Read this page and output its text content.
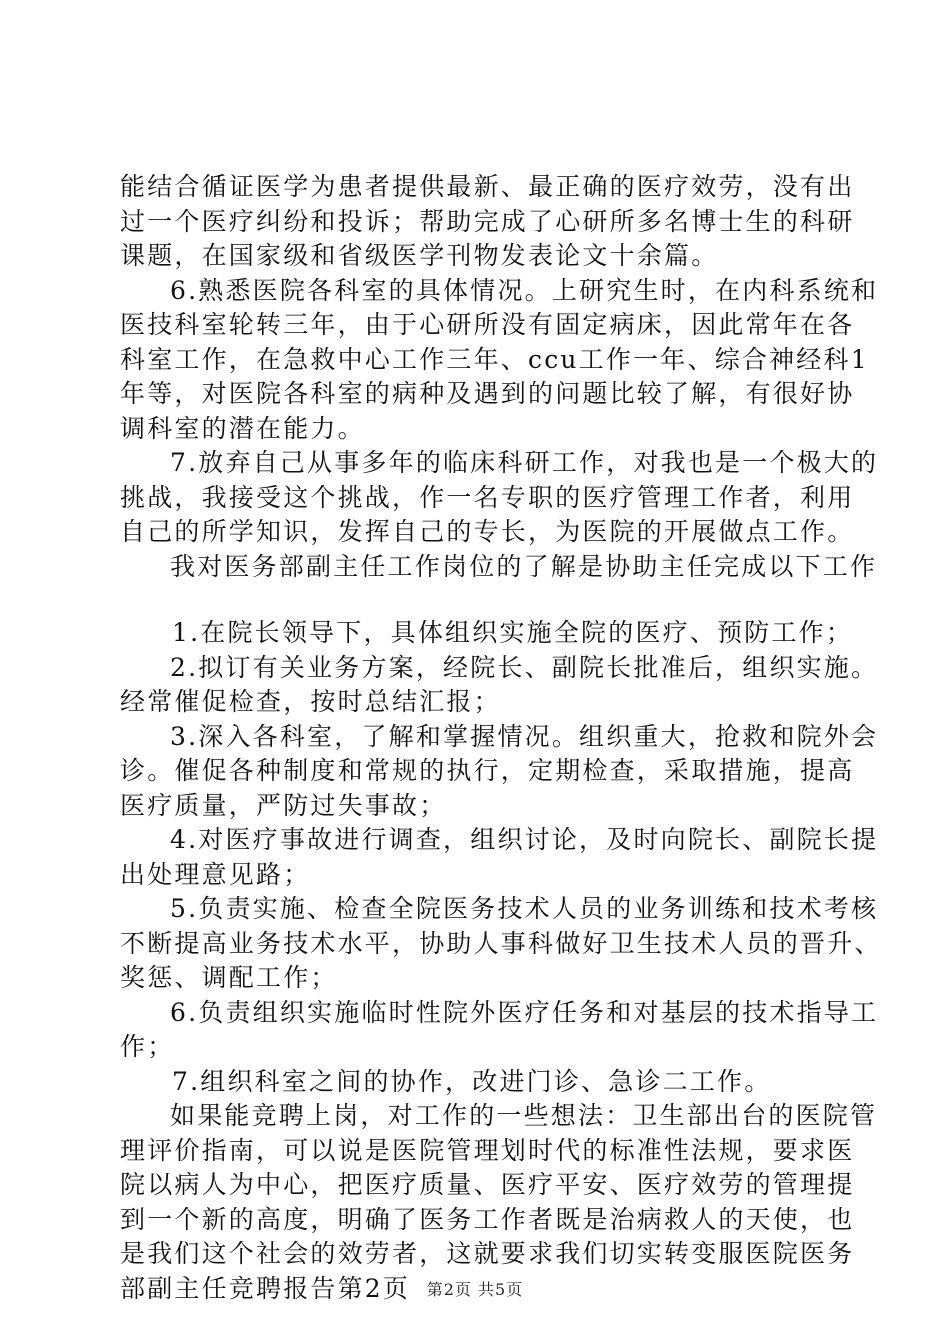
能结合循证医学为患者提供最新、最正确的医疗效劳，没有出

过一个医疗纠纷和投诉；帮助完成了心研所多名博士生的科研

课题，在国家级和省级医学刊物发表论文十余篇。

6.熟悉医院各科室的具体情况。上研究生时，在内科系统和

医技科室轮转三年，由于心研所没有固定病床，因此常年在各

科室工作，在急救中心工作三年、ccu工作一年、综合神经科1

年等，对医院各科室的病种及遇到的问题比较了解，有很好协

调科室的潜在能力。

7.放弃自己从事多年的临床科研工作，对我也是一个极大的

挑战，我接受这个挑战，作一名专职的医疗管理工作者，利用

自己的所学知识，发挥自己的专长，为医院的开展做点工作。

我对医务部副主任工作岗位的了解是协助主任完成以下工作

1.在院长领导下，具体组织实施全院的医疗、预防工作；

2.拟订有关业务方案，经院长、副院长批准后，组织实施。

经常催促检查，按时总结汇报；

3.深入各科室，了解和掌握情况。组织重大，抢救和院外会

诊。催促各种制度和常规的执行，定期检查，采取措施，提高

医疗质量，严防过失事故；

4.对医疗事故进行调查，组织讨论，及时向院长、副院长提

出处理意见路；

5.负责实施、检查全院医务技术人员的业务训练和技术考核

不断提高业务技术水平，协助人事科做好卫生技术人员的晋升、

奖惩、调配工作；

6.负责组织实施临时性院外医疗任务和对基层的技术指导工

作；

7.组织科室之间的协作，改进门诊、急诊二工作。

如果能竞聘上岗，对工作的一些想法：卫生部出台的医院管

理评价指南，可以说是医院管理划时代的标准性法规，要求医

院以病人为中心，把医疗质量、医疗平安、医疗效劳的管理提

到一个新的高度，明确了医务工作者既是治病救人的天使，也

是我们这个社会的效劳者，这就要求我们切实转变服医院医务

部副主任竞聘报告第2页	第2页 共5页
